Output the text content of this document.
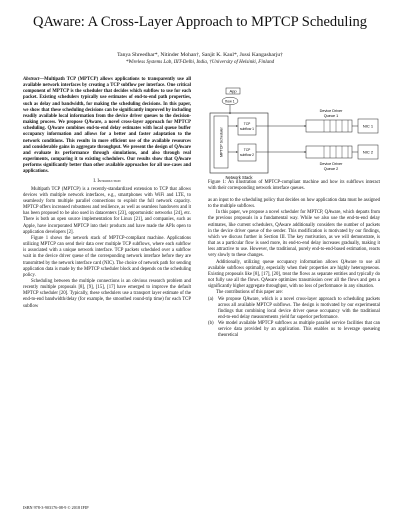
QAware: A Cross-Layer Approach to MPTCP Scheduling
Tanya Shreedhar*, Nitinder Mohan†, Sanjit K. Kaul*, Jussi Kangasharju†
*Wireless Systems Lab, IIIT-Delhi, India, †University of Helsinki, Finland

Abstract—Multipath TCP (MPTCP) allows applications to transparently use all available network interfaces by creating a TCP subflow per interface. One critical component of MPTCP is the scheduler that decides which subflow to use for each packet. Existing schedulers typically use estimates of end-to-end path properties, such as delay and bandwidth, for making the scheduling decisions. In this paper, we show that these scheduling decisions can be significantly improved by including readily available local information from the device driver queues to the decision-making process. We propose QAware, a novel cross-layer approach for MPTCP scheduling. QAware combines end-to-end delay estimates with local queue buffer occupancy information and allows for a better and faster adaptation to the network conditions. This results in more efficient use of the available resources and considerable gains in aggregate throughput. We present the design of QAware and evaluate its performance through simulations, and also through real experiments, comparing it to existing schedulers. Our results show that QAware performs significantly better than other available approaches for all use-cases and applications.

I. Introduction

Multipath TCP (MPTCP) is a recently-standardized extension to TCP that allows devices with multiple network interfaces, e.g., smartphones with WiFi and LTE, to seamlessly form multiple parallel connections to exploit the full network capacity. MPTCP offers increased robustness and resilience, as well as seamless handovers and it has been proposed to be also used in datacenters [23], opportunistic networks [24], etc. There is both an open source implementation for Linux [21], and companies, such as Apple, have incorporated MPTCP into their products and have made the APIs open to application developers [2].

Figure 1 shows the network stack of MPTCP-compliant machine. Applications utilizing MPTCP can send their data over multiple TCP subflows, where each subflow is associated with a unique network interface. TCP packets scheduled over a subflow wait in the device driver queue of the corresponding network interface before they are transmitted by the network interface card (NIC). The choice of network path for sending application data is made by the MPTCP scheduler block and depends on the scheduling policy.

Scheduling between the multiple connections is an obvious research problem and recently multiple proposals [8], [9], [15], [17] have emerged to improve the default MPTCP scheduler [20]. Typically, these schedulers use a transport layer estimate of the end-to-end bandwidth/delay (for example, the smoothed round-trip time) for each TCP subflow

ISBN 978-3-903176-08-9 © 2018 IFIP
App
flow 1
MPTCP Scheduler
TCP
subflow 1
TCP
subflow 2
Network Stack
Device Driver
Queue 1
Device Driver
Queue 2
NIC 1
NIC 2
Figure 1: An illustration of MPTCP-compliant machine and how its subflows interact with their corresponding network interface queues.

as an input to the scheduling policy that decides on how application data must be assigned to the multiple subflows.

In this paper, we propose a novel scheduler for MPTCP, QAware, which departs from the previous proposals in a fundamental way. While we also use the end-to-end delay estimates, like current schedulers, QAware additionally considers the number of packets in the device driver queue of the sender. This modification is motivated by our findings, which we discuss further in Section III. The key motivation, as we will demonstrate, is that as a particular flow is used more, its end-to-end delay increases gradually, making it less attractive to use. However, the traditional, purely end-to-end-based estimation, reacts very slowly to these changes.

Additionally, utilizing queue occupancy information allows QAware to use all available subflows optimally, especially when their properties are highly heterogeneous. Existing proposals like [8], [17], [20], treat the flows as separate entities and typically do not fully use all the flows. QAware optimizes transmission over all the flows and gets a significantly higher aggregate throughput, with no loss of performance in any situation.

The contributions of this paper are:

(a) We propose QAware, which is a novel cross-layer approach to scheduling packets across all available MPTCP subflows. The design is motivated by our experimental findings that combining local device driver queue occupancy with the traditional end-to-end delay measurements yield far superior performance.
(b) We model available MPTCP subflows as multiple parallel service facilities that can service data provided by an application. This enables us to leverage queueing theoretical
